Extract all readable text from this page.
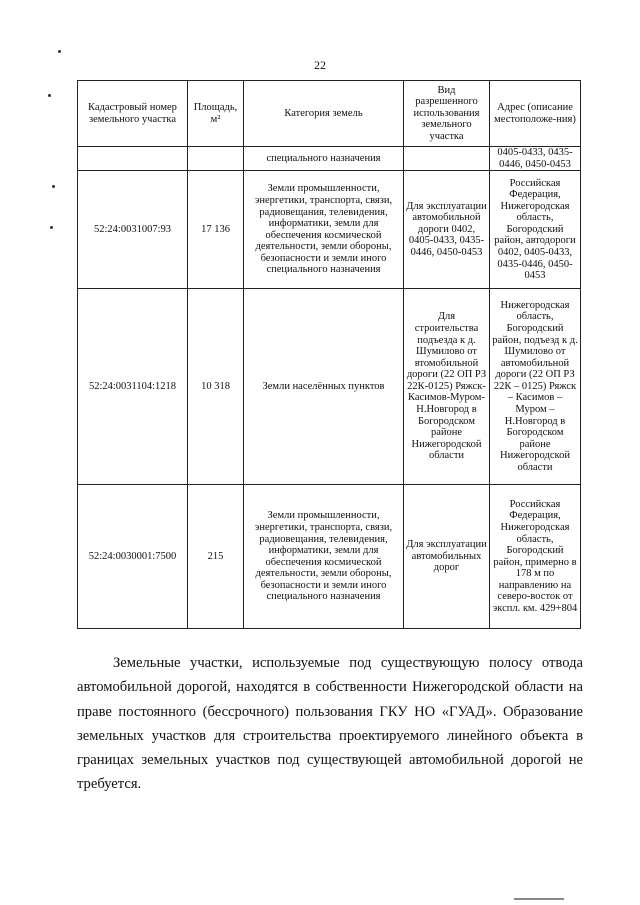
22
Кадастровый номер земельного участка	Площадь, м²	Категория земель	Вид разрешенного использования земельного участка	Адрес (описание местоположе-ния)
		специального назначения		0405-0433, 0435-0446, 0450-0453
52:24:0031007:93	17 136	Земли промышленности, энергетики, транспорта, связи, радиовещания, телевидения, информатики, земли для обеспечения космической деятельности, земли обороны, безопасности и земли иного специального назначения	Для эксплуатации автомобильной дороги 0402, 0405-0433, 0435-0446, 0450-0453	Российская Федерация, Нижегородская область, Богородский район, автодороги 0402, 0405-0433, 0435-0446, 0450-0453
52:24:0031104:1218	10 318	Земли населённых пунктов	Для строительства подъезда к д. Шумилово от втомобильной дороги (22 ОП РЗ 22К-0125) Ряжск-Касимов-Муром-Н.Новгород в Богородском районе Нижегородской области	Нижегородская область, Богородский район, подъезд к д. Шумилово от автомобильной дороги (22 ОП РЗ 22К – 0125) Ряжск – Касимов – Муром – Н.Новгород в Богородском районе Нижегородской области
52:24:0030001:7500	215	Земли промышленности, энергетики, транспорта, связи, радиовещания, телевидения, информатики, земли для обеспечения космической деятельности, земли обороны, безопасности и земли иного специального назначения	Для эксплуатации автомобильных дорог	Российская Федерация, Нижегородская область, Богородский район, примерно в 178 м по направлению на северо-восток от экспл. км. 429+804

Земельные участки, используемые под существующую полосу отвода автомобильной дорогой, находятся в собственности Нижегородской области на праве постоянного (бессрочного) пользования ГКУ НО «ГУАД». Образование земельных участков для строительства проектируемого линейного объекта в границах земельных участков под существующей автомобильной дорогой не требуется.
